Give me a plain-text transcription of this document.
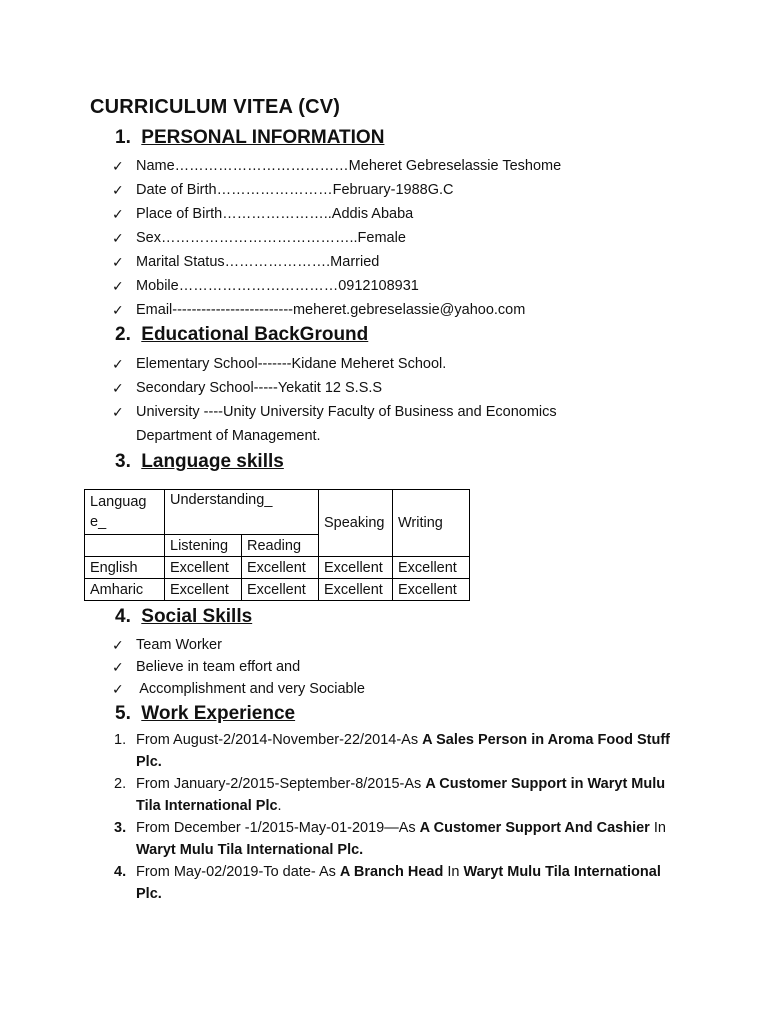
CURRICULUM VITEA (CV)
1. PERSONAL INFORMATION
✓ Name………………………………Meheret Gebreselassie Teshome
✓ Date of Birth……………………February-1988G.C
✓ Place of Birth…………………..Addis Ababa
✓ Sex…………………………………..Female
✓ Marital Status………………….Married
✓ Mobile……………………………0912108931
✓ Email-------------------------meheret.gebreselassie@yahoo.com
2. Educational BackGround
✓ Elementary School-------Kidane Meheret School.
✓ Secondary School-----Yekatit 12 S.S.S
✓ University ----Unity University Faculty of Business and Economics
Department of Management.
3. Language skills
Languag e_	Understanding_		Speaking	Writing
	Listening	Reading		
English	Excellent	Excellent	Excellent	Excellent
Amharic	Excellent	Excellent	Excellent	Excellent
4. Social Skills
✓ Team Worker
✓ Believe in team effort and
✓ Accomplishment and very Sociable
5. Work Experience
1. From August-2/2014-November-22/2014-As A Sales Person in Aroma Food Stuff Plc.
2. From January-2/2015-September-8/2015-As A Customer Support in Waryt Mulu Tila International Plc.
3. From December -1/2015-May-01-2019—As A Customer Support And Cashier In Waryt Mulu Tila International Plc.
4. From May-02/2019-To date- As A Branch Head In Waryt Mulu Tila International Plc.
